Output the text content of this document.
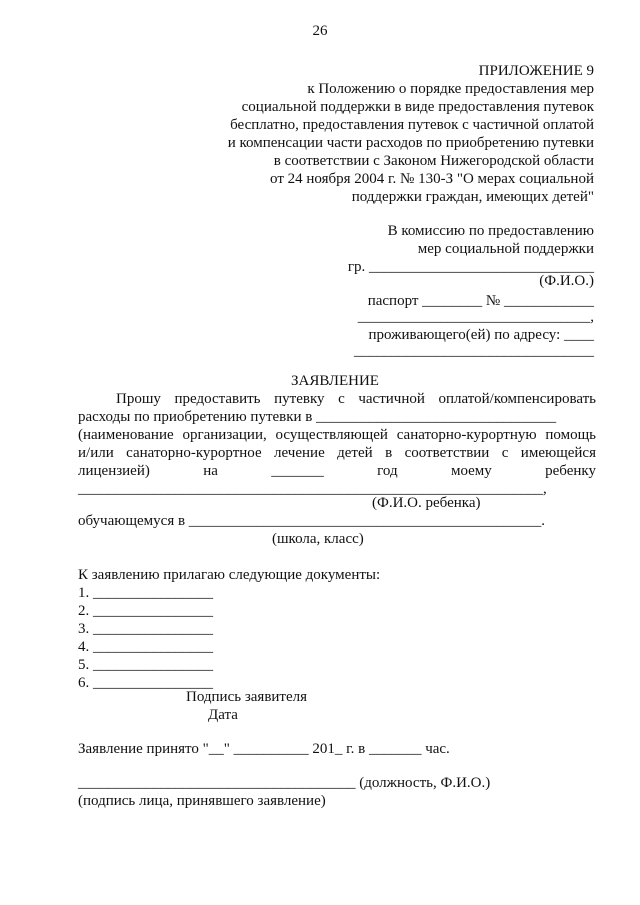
26
ПРИЛОЖЕНИЕ 9
к Положению о порядке предоставления мер
социальной поддержки в виде предоставления путевок
бесплатно, предоставления путевок с частичной оплатой
и компенсации части расходов по приобретению путевки
в соответствии с Законом Нижегородской области
от 24 ноября 2004 г. № 130-З "О мерах социальной
поддержки граждан, имеющих детей"
В комиссию по предоставлению
мер социальной поддержки
гр. ______________________________
(Ф.И.О.)
паспорт ________ № ____________
_______________________________,
проживающего(ей) по адресу: ____
________________________________
ЗАЯВЛЕНИЕ
Прошу предоставить путевку с частичной оплатой/компенсировать
расходы по приобретению путевки в ________________________________
(наименование организации, осуществляющей санаторно-курортную помощь
и/или санаторно-курортное лечение детей в соответствии с имеющейся
лицензией) на _______ год моему ребенку
______________________________________________________________,
(Ф.И.О. ребенка)
обучающемуся в _______________________________________________.
(школа, класс)
К заявлению прилагаю следующие документы:
1. ________________
2. ________________
3. ________________
4. ________________
5. ________________
6. ________________
Подпись заявителя
Дата
Заявление принято "__" __________ 201_ г. в _______ час.
_____________________________________ (должность, Ф.И.О.)
(подпись лица, принявшего заявление)
